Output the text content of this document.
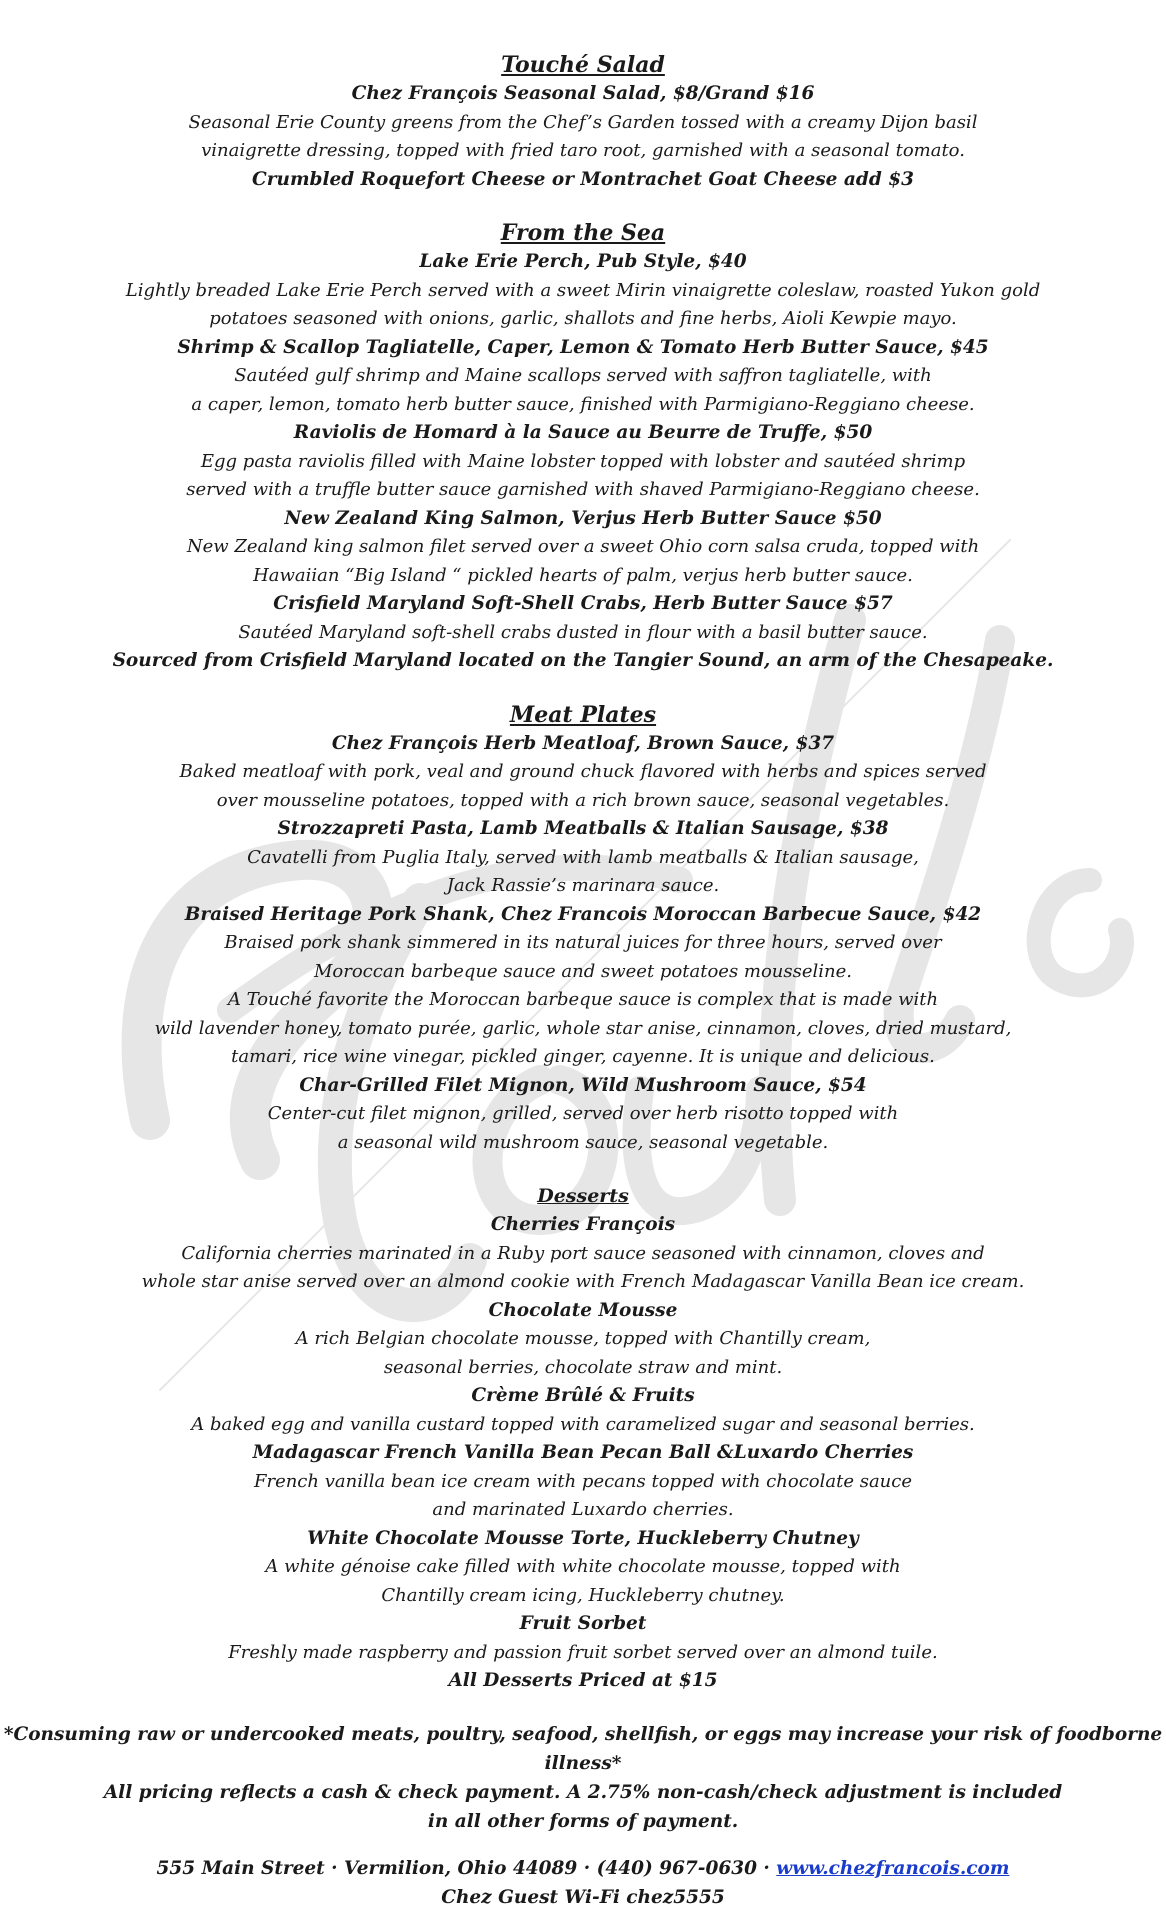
Touché Salad
Chez François Seasonal Salad, $8/Grand $16
Seasonal Erie County greens from the Chef’s Garden tossed with a creamy Dijon basil
vinaigrette dressing, topped with fried taro root, garnished with a seasonal tomato.
Crumbled Roquefort Cheese or Montrachet Goat Cheese add $3
From the Sea
Lake Erie Perch, Pub Style, $40
Lightly breaded Lake Erie Perch served with a sweet Mirin vinaigrette coleslaw, roasted Yukon gold
potatoes seasoned with onions, garlic, shallots and fine herbs, Aioli Kewpie mayo.
Shrimp & Scallop Tagliatelle, Caper, Lemon & Tomato Herb Butter Sauce, $45
Sautéed gulf shrimp and Maine scallops served with saffron tagliatelle, with
a caper, lemon, tomato herb butter sauce, finished with Parmigiano-Reggiano cheese.
Raviolis de Homard à la Sauce au Beurre de Truffe, $50
Egg pasta raviolis filled with Maine lobster topped with lobster and sautéed shrimp
served with a truffle butter sauce garnished with shaved Parmigiano-Reggiano cheese.
New Zealand King Salmon, Verjus Herb Butter Sauce $50
New Zealand king salmon filet served over a sweet Ohio corn salsa cruda, topped with
Hawaiian “Big Island “ pickled hearts of palm, verjus herb butter sauce.
Crisfield Maryland Soft-Shell Crabs, Herb Butter Sauce $57
Sautéed Maryland soft-shell crabs dusted in flour with a basil butter sauce.
Sourced from Crisfield Maryland located on the Tangier Sound, an arm of the Chesapeake.
Meat Plates
Chez François Herb Meatloaf, Brown Sauce, $37
Baked meatloaf with pork, veal and ground chuck flavored with herbs and spices served
over mousseline potatoes, topped with a rich brown sauce, seasonal vegetables.
Strozzapreti Pasta, Lamb Meatballs & Italian Sausage, $38
Cavatelli from Puglia Italy, served with lamb meatballs & Italian sausage,
Jack Rassie’s marinara sauce.
Braised Heritage Pork Shank, Chez Francois Moroccan Barbecue Sauce, $42
Braised pork shank simmered in its natural juices for three hours, served over
Moroccan barbeque sauce and sweet potatoes mousseline.
A Touché favorite the Moroccan barbeque sauce is complex that is made with
wild lavender honey, tomato purée, garlic, whole star anise, cinnamon, cloves, dried mustard,
tamari, rice wine vinegar, pickled ginger, cayenne. It is unique and delicious.
Char-Grilled Filet Mignon, Wild Mushroom Sauce, $54
Center-cut filet mignon, grilled, served over herb risotto topped with
a seasonal wild mushroom sauce, seasonal vegetable.
Desserts
Cherries François
California cherries marinated in a Ruby port sauce seasoned with cinnamon, cloves and
whole star anise served over an almond cookie with French Madagascar Vanilla Bean ice cream.
Chocolate Mousse
A rich Belgian chocolate mousse, topped with Chantilly cream,
seasonal berries, chocolate straw and mint.
Crème Brûlé & Fruits
A baked egg and vanilla custard topped with caramelized sugar and seasonal berries.
Madagascar French Vanilla Bean Pecan Ball &Luxardo Cherries
French vanilla bean ice cream with pecans topped with chocolate sauce
and marinated Luxardo cherries.
White Chocolate Mousse Torte, Huckleberry Chutney
A white génoise cake filled with white chocolate mousse, topped with
Chantilly cream icing, Huckleberry chutney.
Fruit Sorbet
Freshly made raspberry and passion fruit sorbet served over an almond tuile.
All Desserts Priced at $15
*Consuming raw or undercooked meats, poultry, seafood, shellfish, or eggs may increase your risk of foodborne illness*
All pricing reflects a cash & check payment. A 2.75% non-cash/check adjustment is included
in all other forms of payment.
555 Main Street · Vermilion, Ohio 44089 · (440) 967-0630 · www.chezfrancois.com
Chez Guest Wi-Fi chez5555
